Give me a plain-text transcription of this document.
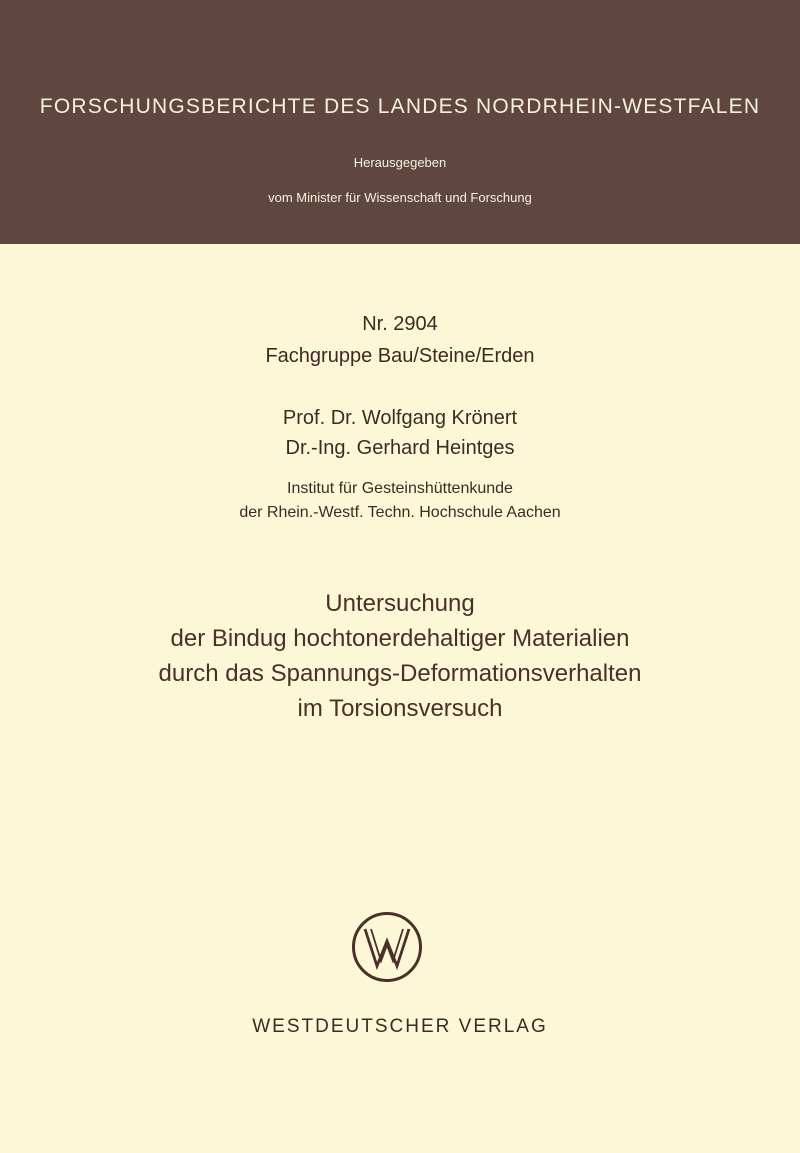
FORSCHUNGSBERICHTE DES LANDES NORDRHEIN-WESTFALEN
Herausgegeben
vom Minister für Wissenschaft und Forschung
Nr. 2904
Fachgruppe Bau/Steine/Erden
Prof. Dr. Wolfgang Krönert
Dr.-Ing. Gerhard Heintges
Institut für Gesteinshüttenkunde
der Rhein.-Westf. Techn. Hochschule Aachen
Untersuchung
der Bindug hochtonerdehaltiger Materialien
durch das Spannungs-Deformationsverhalten
im Torsionsversuch
WESTDEUTSCHER VERLAG
